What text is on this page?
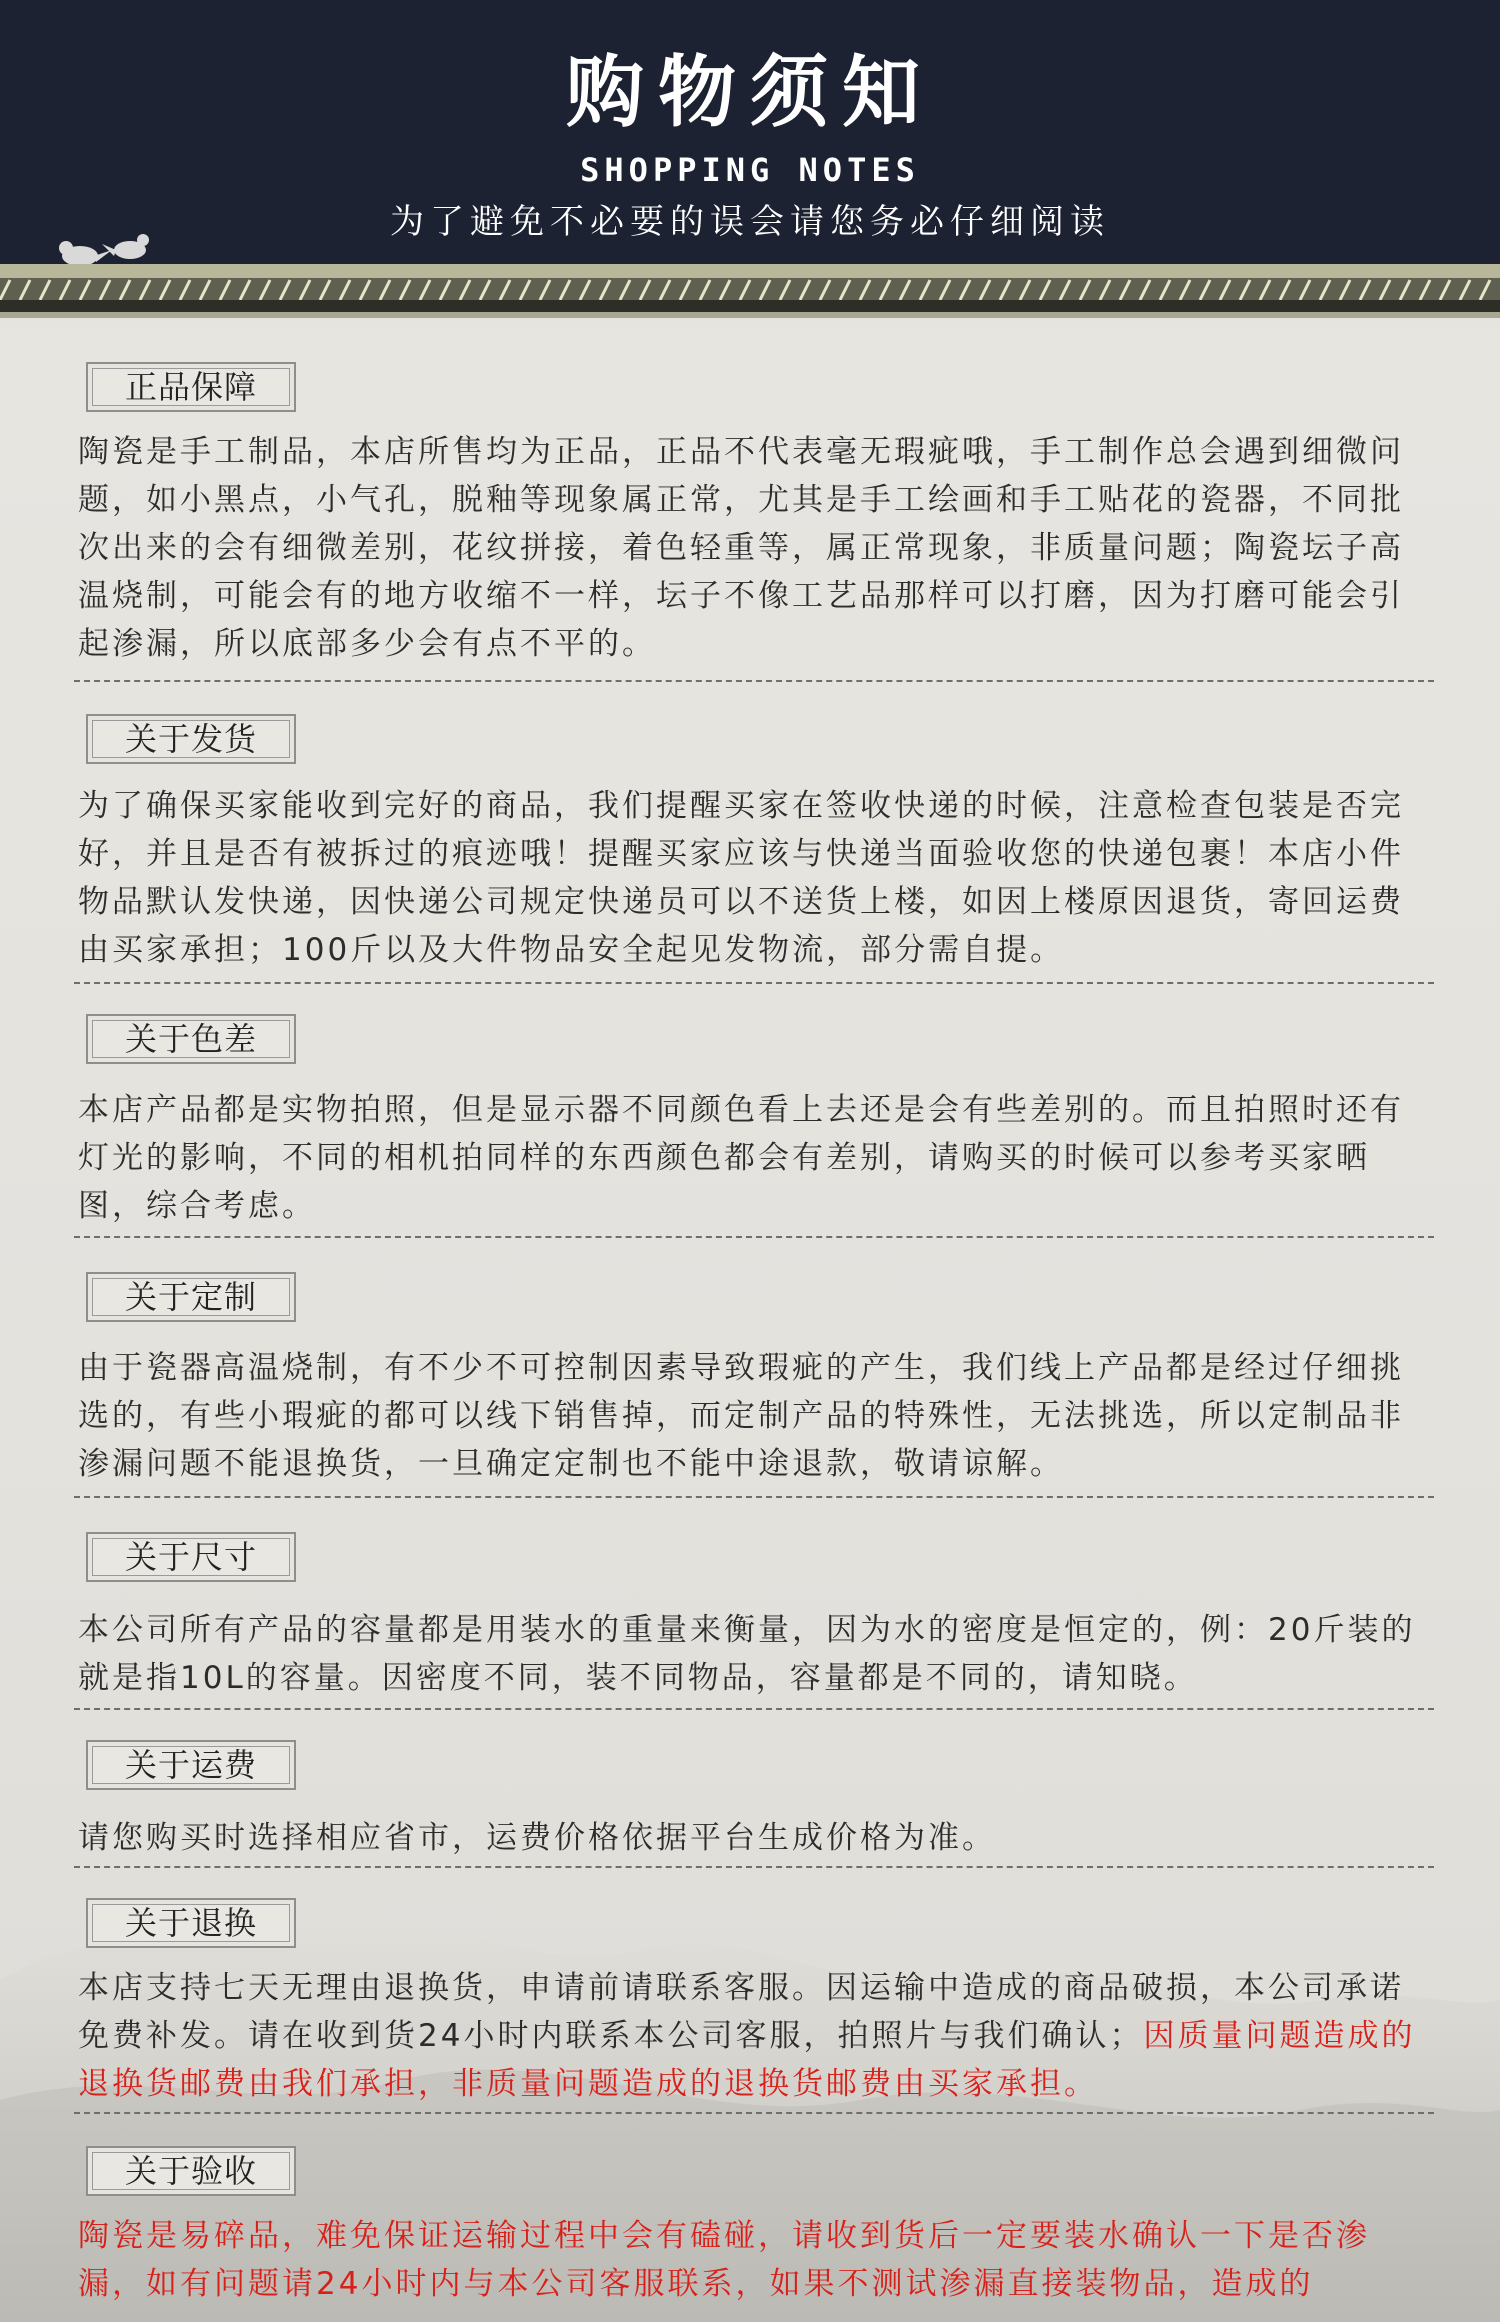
购物须知
SHOPPING NOTES
为了避免不必要的误会请您务必仔细阅读
正品保障

陶瓷是手工制品，本店所售均为正品，正品不代表毫无瑕疵哦，手工制作总会遇到细微问题，如小黑点，小气孔，脱釉等现象属正常，尤其是手工绘画和手工贴花的瓷器，不同批次出来的会有细微差别，花纹拼接，着色轻重等，属正常现象，非质量问题；陶瓷坛子高温烧制，可能会有的地方收缩不一样，坛子不像工艺品那样可以打磨，因为打磨可能会引起渗漏，所以底部多少会有点不平的。

关于发货

为了确保买家能收到完好的商品，我们提醒买家在签收快递的时候，注意检查包装是否完好，并且是否有被拆过的痕迹哦！提醒买家应该与快递当面验收您的快递包裹！本店小件物品默认发快递，因快递公司规定快递员可以不送货上楼，如因上楼原因退货，寄回运费由买家承担；100斤以及大件物品安全起见发物流，部分需自提。

关于色差

本店产品都是实物拍照，但是显示器不同颜色看上去还是会有些差别的。而且拍照时还有灯光的影响，不同的相机拍同样的东西颜色都会有差别，请购买的时候可以参考买家晒图，综合考虑。

关于定制

由于瓷器高温烧制，有不少不可控制因素导致瑕疵的产生，我们线上产品都是经过仔细挑选的，有些小瑕疵的都可以线下销售掉，而定制产品的特殊性，无法挑选，所以定制品非渗漏问题不能退换货，一旦确定定制也不能中途退款，敬请谅解。

关于尺寸

本公司所有产品的容量都是用装水的重量来衡量，因为水的密度是恒定的，例：20斤装的就是指10L的容量。因密度不同，装不同物品，容量都是不同的，请知晓。

关于运费

请您购买时选择相应省市，运费价格依据平台生成价格为准。

关于退换

本店支持七天无理由退换货，申请前请联系客服。因运输中造成的商品破损，本公司承诺免费补发。请在收到货24小时内联系本公司客服，拍照片与我们确认；因质量问题造成的退换货邮费由我们承担，非质量问题造成的退换货邮费由买家承担。

关于验收

陶瓷是易碎品，难免保证运输过程中会有磕碰，请收到货后一定要装水确认一下是否渗漏，如有问题请24小时内与本公司客服联系，如果不测试渗漏直接装物品，造成的
